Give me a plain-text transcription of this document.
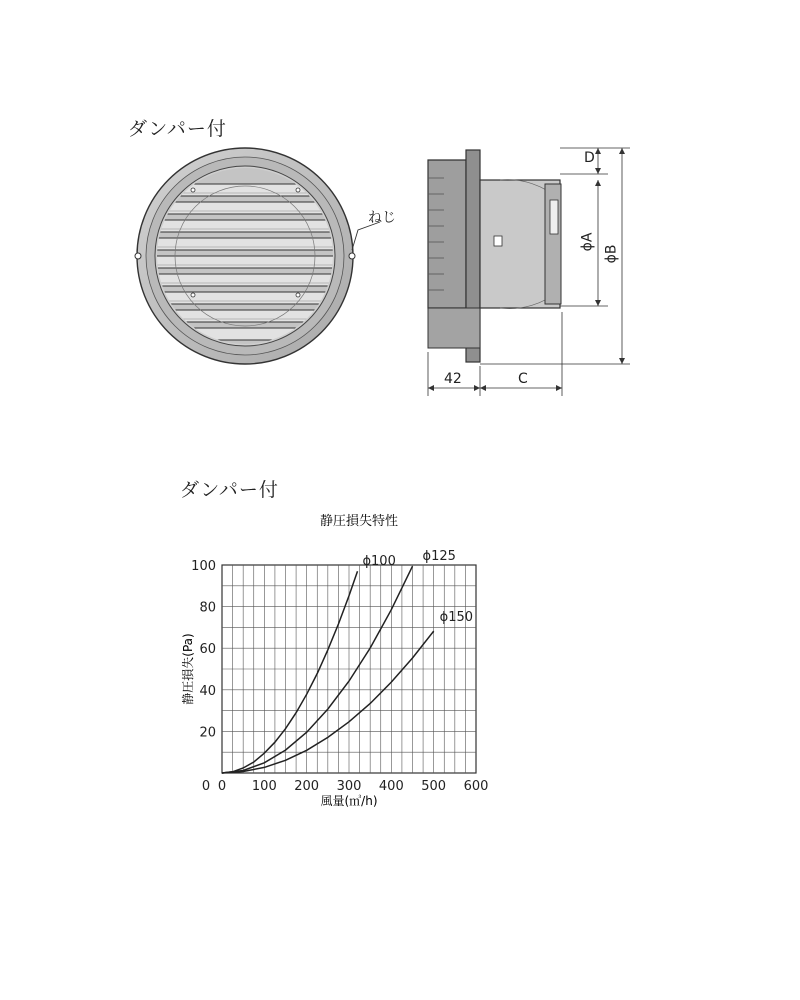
ダンパー付
ねじ
D
ϕA
ϕB
42	C
ダンパー付
静圧損失特性
0 100 200 300 400 500 600
20
40
60
80
100
0
ϕ100 ϕ125
ϕ150
風量(㎥/h)
静圧損失(Pa)
